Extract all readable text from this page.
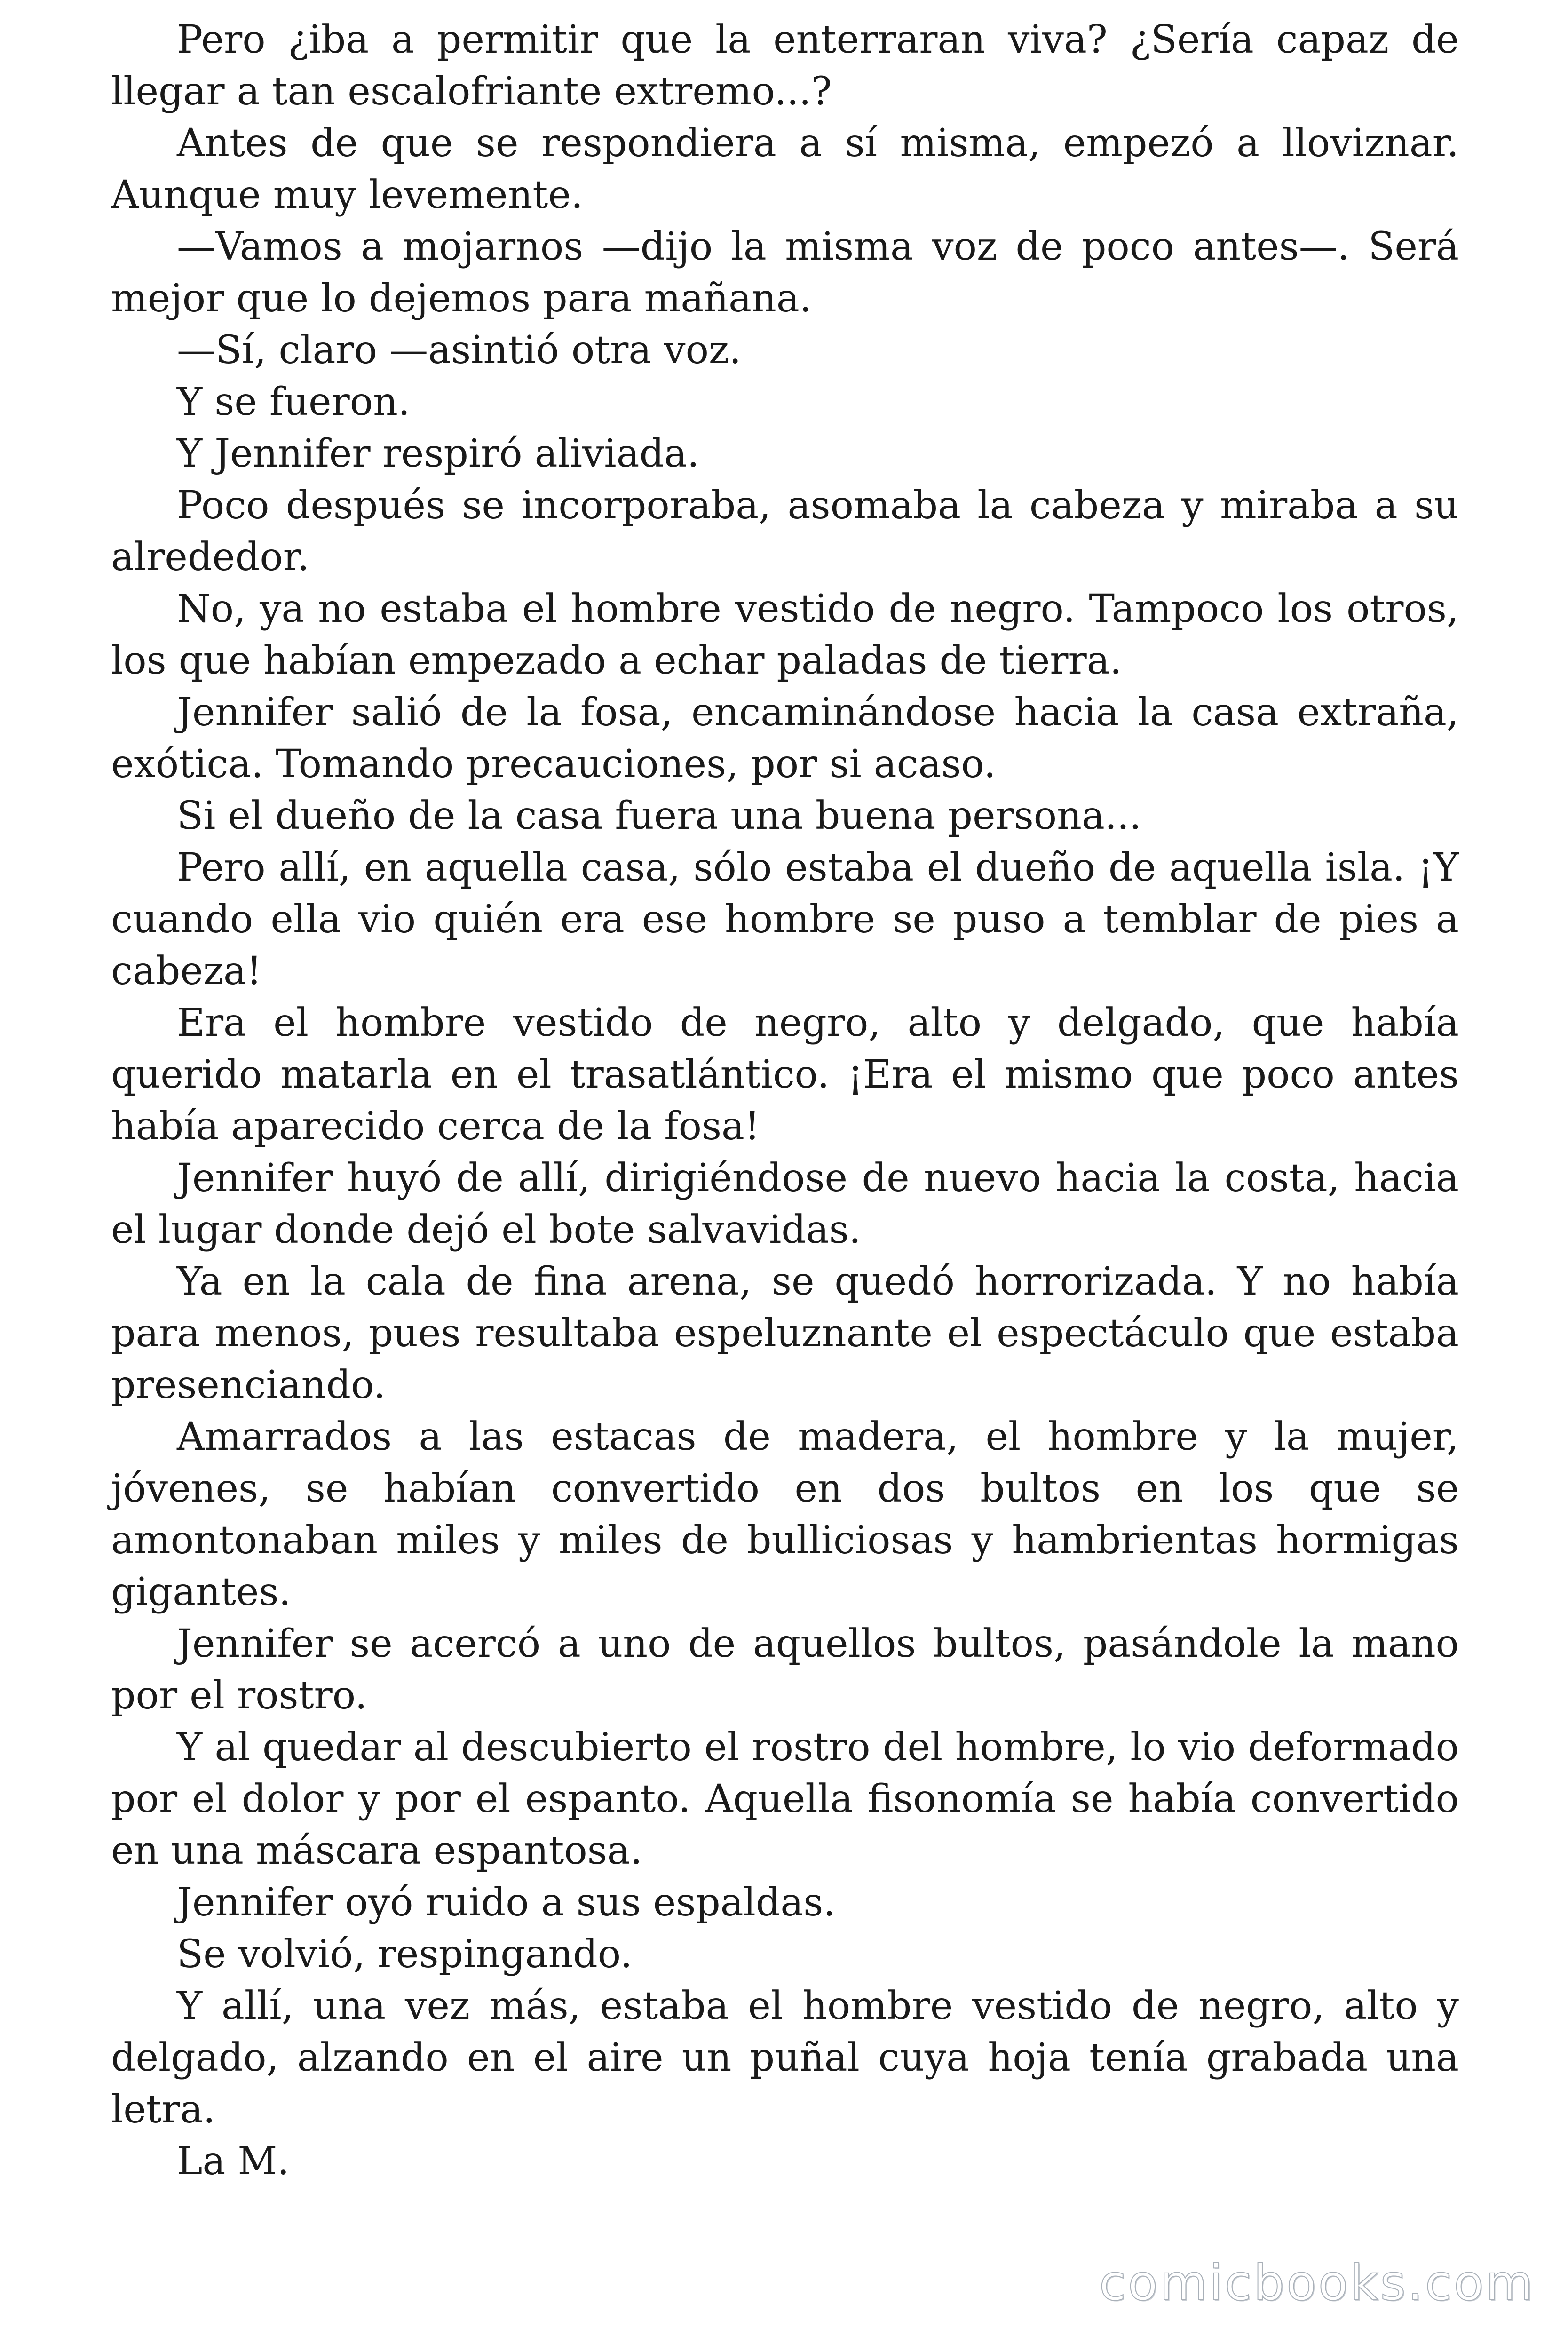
Pero ¿iba a permitir que la enterraran viva? ¿Sería capaz de llegar a tan escalofriante extremo...?

Antes de que se respondiera a sí misma, empezó a lloviznar. Aunque muy levemente.

—Vamos a mojarnos —dijo la misma voz de poco antes—. Será mejor que lo dejemos para mañana.

—Sí, claro —asintió otra voz.

Y se fueron.

Y Jennifer respiró aliviada.

Poco después se incorporaba, asomaba la cabeza y miraba a su alrededor.

No, ya no estaba el hombre vestido de negro. Tampoco los otros, los que habían empezado a echar paladas de tierra.

Jennifer salió de la fosa, encaminándose hacia la casa extraña, exótica. Tomando precauciones, por si acaso.

Si el dueño de la casa fuera una buena persona...

Pero allí, en aquella casa, sólo estaba el dueño de aquella isla. ¡Y cuando ella vio quién era ese hombre se puso a temblar de pies a cabeza!

Era el hombre vestido de negro, alto y delgado, que había querido matarla en el trasatlántico. ¡Era el mismo que poco antes había aparecido cerca de la fosa!

Jennifer huyó de allí, dirigiéndose de nuevo hacia la costa, hacia el lugar donde dejó el bote salvavidas.

Ya en la cala de fina arena, se quedó horrorizada. Y no había para menos, pues resultaba espeluznante el espectáculo que estaba presenciando.

Amarrados a las estacas de madera, el hombre y la mujer, jóvenes, se habían convertido en dos bultos en los que se amontonaban miles y miles de bulliciosas y hambrientas hormigas gigantes.

Jennifer se acercó a uno de aquellos bultos, pasándole la mano por el rostro.

Y al quedar al descubierto el rostro del hombre, lo vio deformado por el dolor y por el espanto. Aquella fisonomía se había convertido en una máscara espantosa.

Jennifer oyó ruido a sus espaldas.

Se volvió, respingando.

Y allí, una vez más, estaba el hombre vestido de negro, alto y delgado, alzando en el aire un puñal cuya hoja tenía grabada una letra.

La M.

comicbooks.com
